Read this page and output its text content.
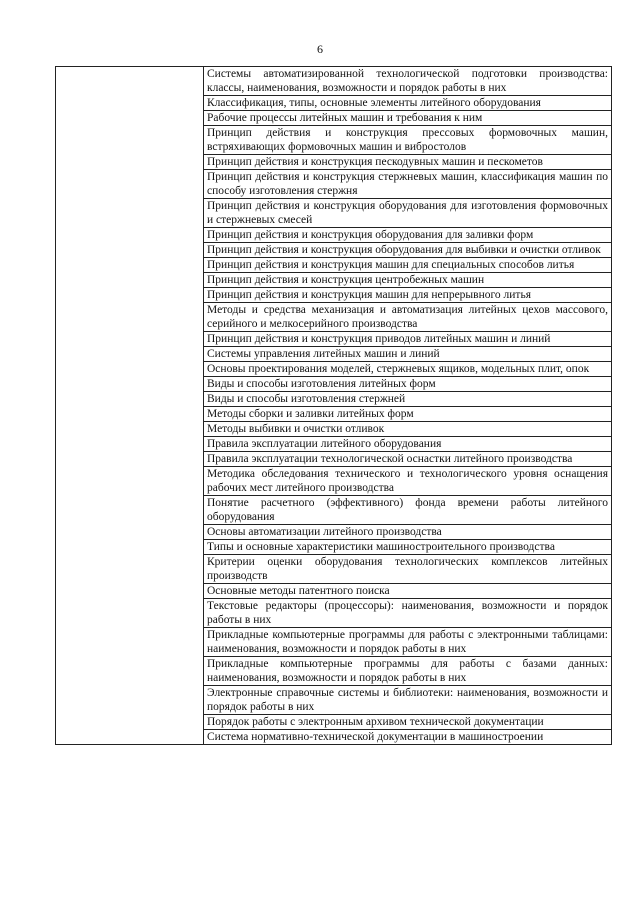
6
	Системы автоматизированной технологической подготовки производства: классы, наименования, возможности и порядок работы в них
Классификация, типы, основные элементы литейного оборудования
Рабочие процессы литейных машин и требования к ним
Принцип действия и конструкция прессовых формовочных машин, встряхивающих формовочных машин и вибростолов
Принцип действия и конструкция пескодувных машин и пескометов
Принцип действия и конструкция стержневых машин, классификация машин по способу изготовления стержня
Принцип действия и конструкция оборудования для изготовления формовочных и стержневых смесей
Принцип действия и конструкция оборудования для заливки форм
Принцип действия и конструкция оборудования для выбивки и очистки отливок
Принцип действия и конструкция машин для специальных способов литья
Принцип действия и конструкция центробежных машин
Принцип действия и конструкция машин для непрерывного литья
Методы и средства механизация и автоматизация литейных цехов массового, серийного и мелкосерийного производства
Принцип действия и конструкция приводов литейных машин и линий
Системы управления литейных машин и линий
Основы проектирования моделей, стержневых ящиков, модельных плит, опок
Виды и способы изготовления литейных форм
Виды и способы изготовления стержней
Методы сборки и заливки литейных форм
Методы выбивки и очистки отливок
Правила эксплуатации литейного оборудования
Правила эксплуатации технологической оснастки литейного производства
Методика обследования технического и технологического уровня оснащения рабочих мест литейного производства
Понятие расчетного (эффективного) фонда времени работы литейного оборудования
Основы автоматизации литейного производства
Типы и основные характеристики машиностроительного производства
Критерии оценки оборудования технологических комплексов литейных производств
Основные методы патентного поиска
Текстовые редакторы (процессоры): наименования, возможности и порядок работы в них
Прикладные компьютерные программы для работы с электронными таблицами: наименования, возможности и порядок работы в них
Прикладные компьютерные программы для работы с базами данных: наименования, возможности и порядок работы в них
Электронные справочные системы и библиотеки: наименования, возможности и порядок работы в них
Порядок работы с электронным архивом технической документации
Система нормативно-технической документации в машиностроении
